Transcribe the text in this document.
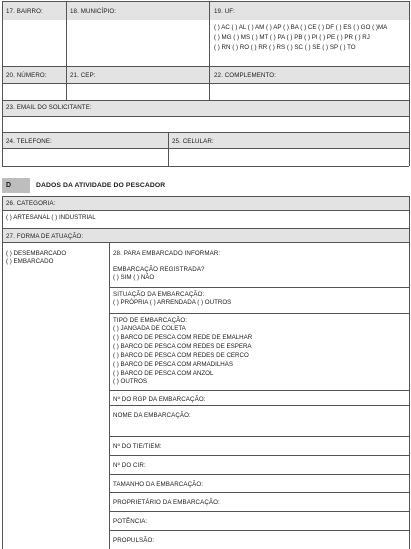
17. BAIRRO:	18. MUNICÍPIO:	19. UF:
( ) AC ( ) AL ( ) AM ( ) AP ( ) BA ( ) CE ( ) DF ( ) ES ( ) GO ( )MA
( ) MG ( ) MS ( ) MT ( ) PA ( ) PB ( ) PI ( ) PE ( ) PR ( ) RJ
( ) RN ( ) RO ( ) RR ( ) RS ( ) SC ( ) SE ( ) SP ( ) TO
20. NÚMERO:	21. CEP:	22. COMPLEMENTO:
23. EMAIL DO SOLICITANTE:
24. TELEFONE:	25. CELULAR:
D	DADOS DA ATIVIDADE DO PESCADOR
26. CATEGORIA:
( ) ARTESANAL ( ) INDUSTRIAL
27. FORMA DE ATUAÇÃO:
( ) DESEMBARCADO
( ) EMBARCADO
28. PARA EMBARCADO INFORMAR:
EMBARCAÇÃO REGISTRADA?
( ) SIM ( ) NÃO
SITUAÇÃO DA EMBARCAÇÃO:
( ) PRÓPRIA ( ) ARRENDADA ( ) OUTROS
TIPO DE EMBARCAÇÃO:
( ) JANGADA DE COLETA
( ) BARCO DE PESCA COM REDE DE EMALHAR
( ) BARCO DE PESCA COM REDES DE ESPERA
( ) BARCO DE PESCA COM REDES DE CERCO
( ) BARCO DE PESCA COM ARMADILHAS
( ) BARCO DE PESCA COM ANZOL
( ) OUTROS
Nº DO RGP DA EMBARCAÇÃO:
NOME DA EMBARCAÇÃO:
Nº DO TIE/TIEM:
Nº DO CIR:
TAMANHO DA EMBARCAÇÃO:
PROPRIETÁRIO DA EMBARCAÇÃO:
POTÊNCIA:
PROPULSÃO:
